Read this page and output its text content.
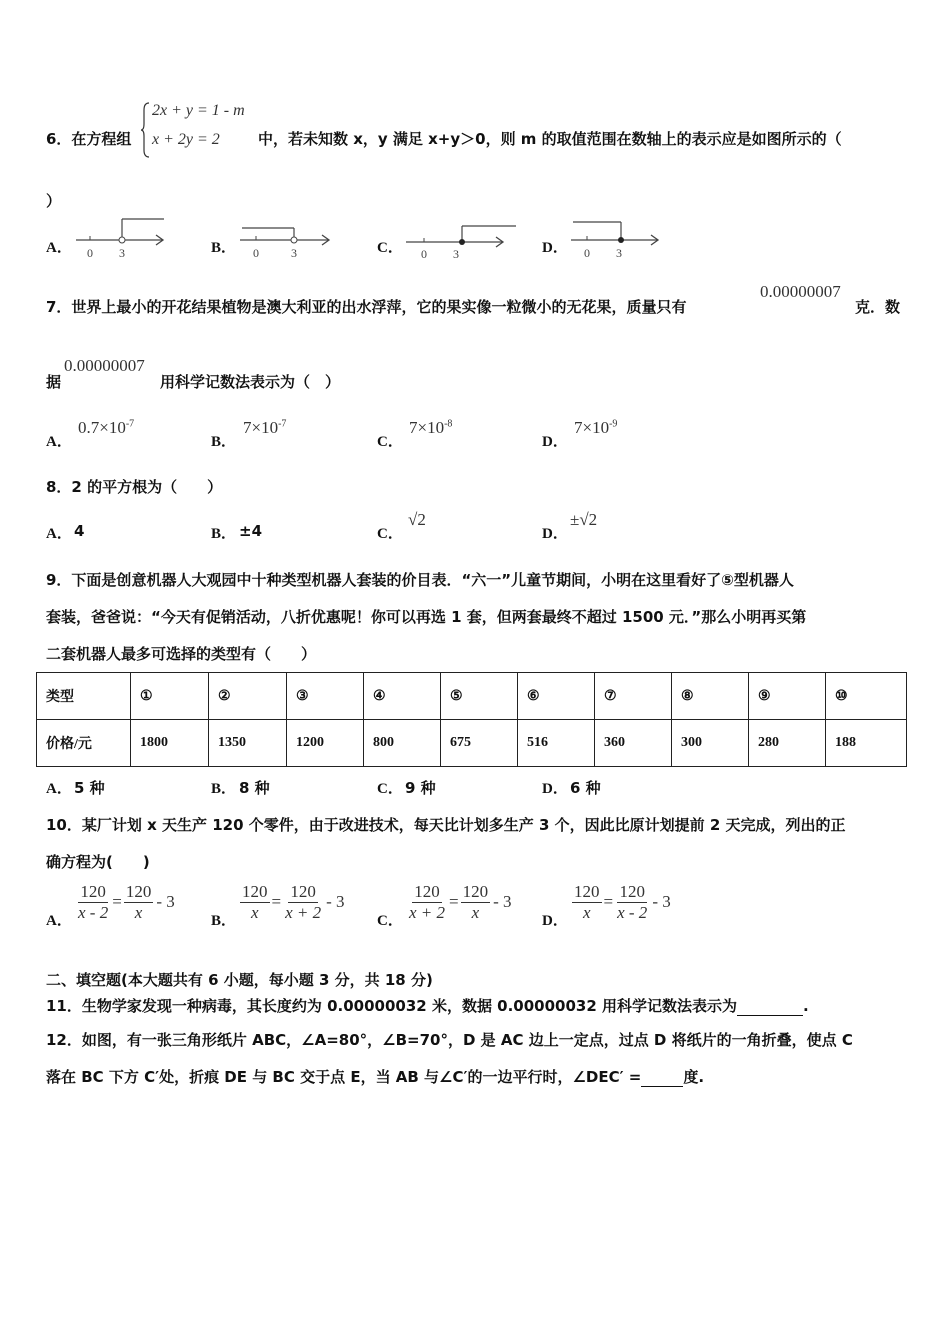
6．在方程组
2x + y = 1 - m
x + 2y = 2	中，若未知数 x，y 满足 x+y＞0，则 m 的取值范围在数轴上的表示应是如图所示的（
）
A． 0 3	B． 0	3	C． 0 3	D． 0 3
7．世界上最小的开花结果植物是澳大利亚的出水浮萍，它的果实像一粒微小的无花果，质量只有
0.00000007
克．数
据
0.00000007
用科学记数法表示为（　）
A．
$0.7\times 10^{-7}$
B．
$7\times 10^{-7}$
C．
$7\times 10^{-8}$
D．
$7\times 10^{-9}$
8．2 的平方根为（　　）
A． 4	B． ±4	C．
√2
D．
±√2
9．下面是创意机器人大观园中十种类型机器人套装的价目表．“六一”儿童节期间，小明在这里看好了⑤型机器人
套装，爸爸说：“今天有促销活动，八折优惠呢！你可以再选 1 套，但两套最终不超过 1500 元．”那么小明再买第
二套机器人最多可选择的类型有（　　）
类型	①	②	③	④	⑤	⑥	⑦	⑧	⑨	⑩
价格/元	1800	1350	1200	800	675	516	360	300	280	188
A． 5 种	B． 8 种	C． 9 种	D． 6 种
10．某厂计划 x 天生产 120 个零件，由于改进技术，每天比计划多生产 3 个，因此比原计划提前 2 天完成，列出的正
确方程为(　　)
A． $\frac{120}{x - 2} = \frac{120}{x} - 3$
B． $\frac{120}{x} = \frac{120}{x + 2} - 3$
C． $\frac{120}{x + 2} = \frac{120}{x} - 3$
D． $\frac{120}{x} = \frac{120}{x - 2} - 3$
二、填空题(本大题共有 6 小题，每小题 3 分，共 18 分)
11．生物学家发现一种病毒，其长度约为 0.00000032 米，数据 0.00000032 用科学记数法表示为	.
12．如图，有一张三角形纸片 ABC，∠A=80°，∠B=70°，D 是 AC 边上一定点，过点 D 将纸片的一角折叠，使点 C
落在 BC 下方 C′处，折痕 DE 与 BC 交于点 E，当 AB 与∠C′的一边平行时，∠DEC′ =	度.
